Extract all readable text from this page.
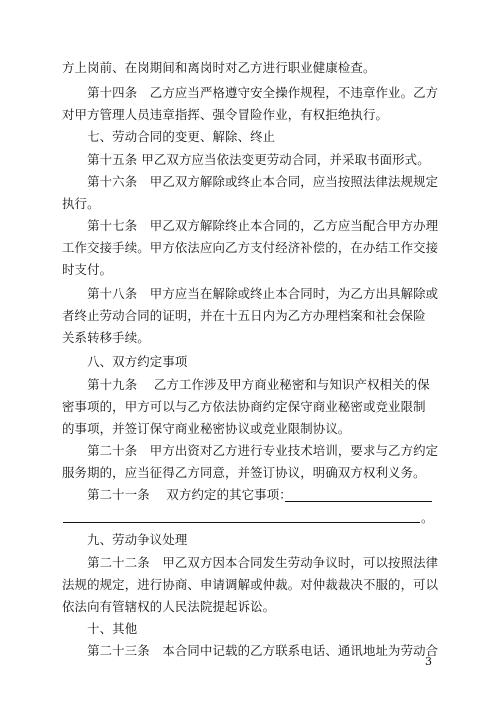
方上岗前、在岗期间和离岗时对乙方进行职业健康检查。
　　第十四条　乙方应当严格遵守安全操作规程，不违章作业。乙方
对甲方管理人员违章指挥、强令冒险作业，有权拒绝执行。
　　七、劳动合同的变更、解除、终止
　　第十五条 甲乙双方应当依法变更劳动合同，并采取书面形式。
　　第十六条　甲乙双方解除或终止本合同，应当按照法律法规规定
执行。
　　第十七条　甲乙双方解除终止本合同的，乙方应当配合甲方办理
工作交接手续。甲方依法应向乙方支付经济补偿的，在办结工作交接
时支付。
　　第十八条　甲方应当在解除或终止本合同时，为乙方出具解除或
者终止劳动合同的证明，并在十五日内为乙方办理档案和社会保险
关系转移手续。
　　八、双方约定事项
　　第十九条　 乙方工作涉及甲方商业秘密和与知识产权相关的保
密事项的，甲方可以与乙方依法协商约定保守商业秘密或竞业限制
的事项，并签订保守商业秘密协议或竞业限制协议。
　　第二十条　甲方出资对乙方进行专业技术培训，要求与乙方约定
服务期的，应当征得乙方同意，并签订协议，明确双方权利义务。
　　第二十一条　 双方约定的其它事项：
。
　　九、劳动争议处理
　　第二十二条　甲乙双方因本合同发生劳动争议时，可以按照法律
法规的规定，进行协商、申请调解或仲裁。对仲裁裁决不服的，可以
依法向有管辖权的人民法院提起诉讼。
　　十、其他
　　第二十三条　本合同中记载的乙方联系电话、通讯地址为劳动合
3
